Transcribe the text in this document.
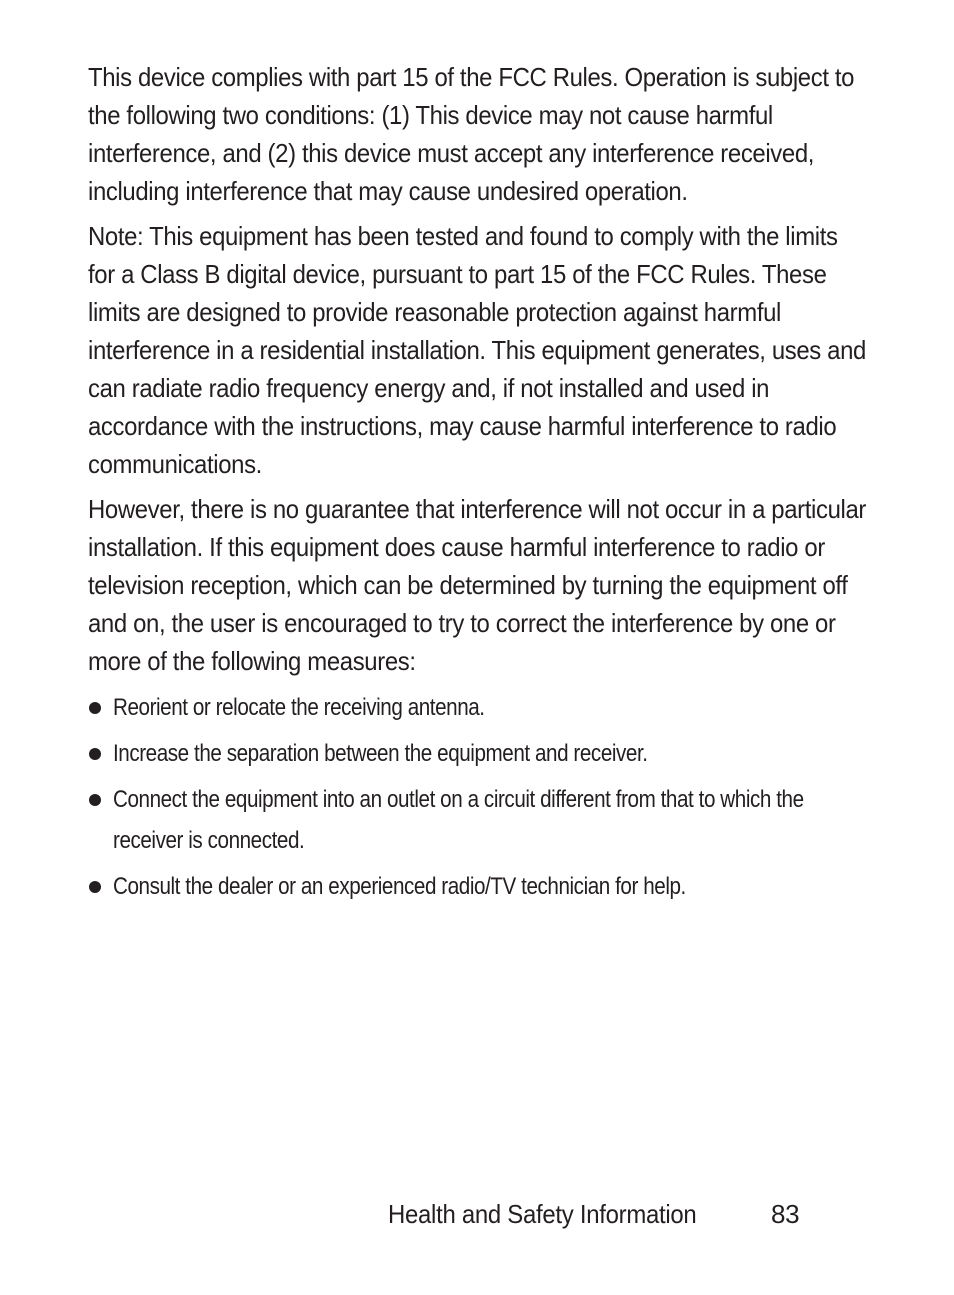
This device complies with part 15 of the FCC Rules. Operation is subject to the following two conditions: (1) This device may not cause harmful interference, and (2) this device must accept any interference received, including interference that may cause undesired operation.

Note: This equipment has been tested and found to comply with the limits for a Class B digital device, pursuant to part 15 of the FCC Rules. These limits are designed to provide reasonable protection against harmful interference in a residential installation. This equipment generates, uses and can radiate radio frequency energy and, if not installed and used in accordance with the instructions, may cause harmful interference to radio communications.

However, there is no guarantee that interference will not occur in a particular installation. If this equipment does cause harmful interference to radio or television reception, which can be determined by turning the equipment off and on, the user is encouraged to try to correct the interference by one or more of the following measures:

Reorient or relocate the receiving antenna.
Increase the separation between the equipment and receiver.
Connect the equipment into an outlet on a circuit different from that to which the receiver is connected.
Consult the dealer or an experienced radio/TV technician for help.
Health and Safety Information	83
